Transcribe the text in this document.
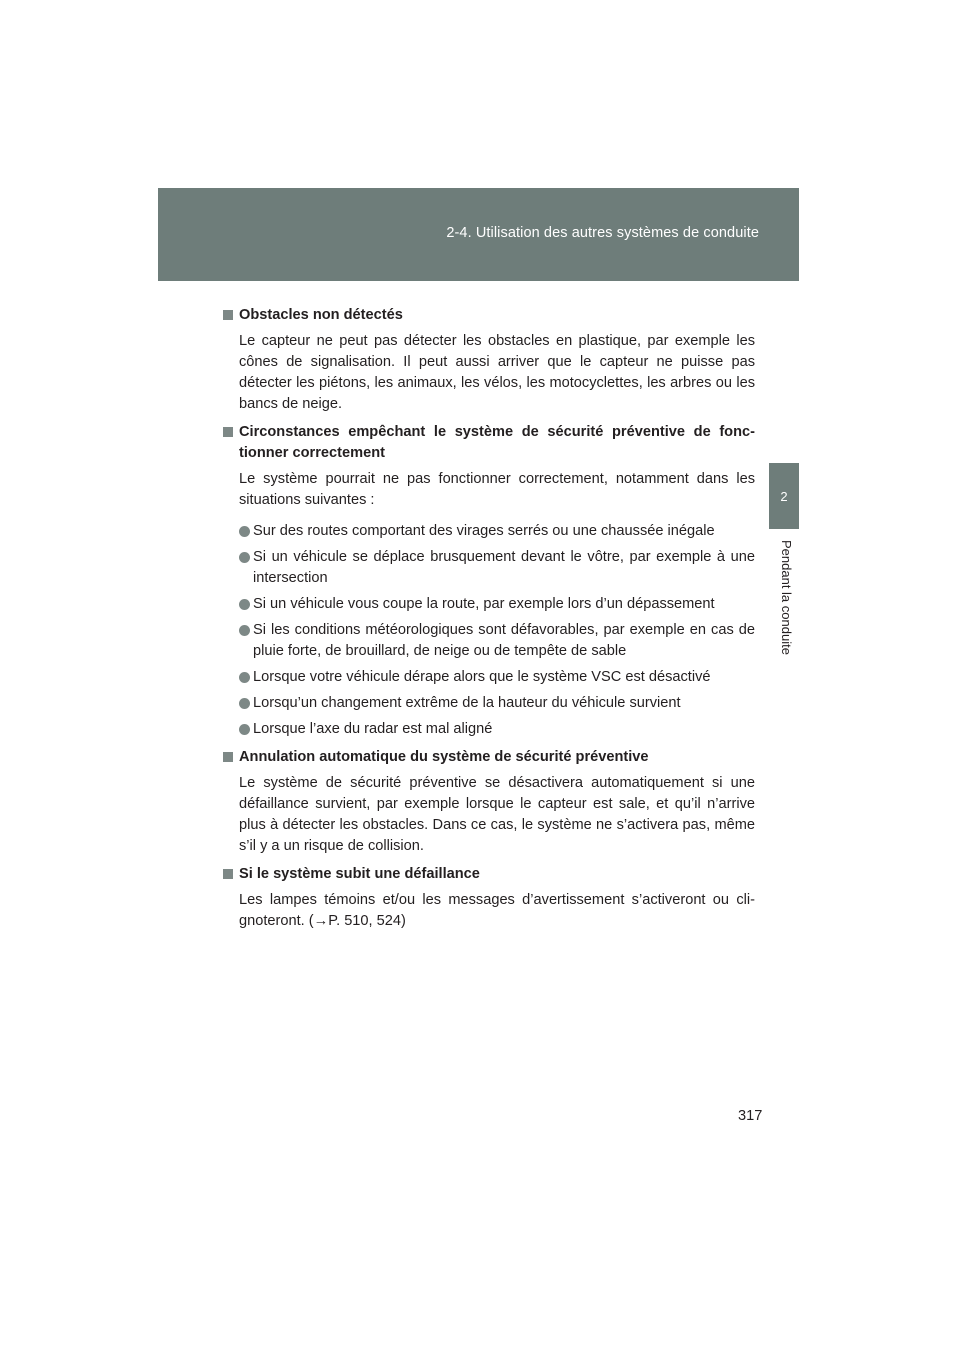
2-4. Utilisation des autres systèmes de conduite
2
Pendant la conduite
Obstacles non détectés
Le capteur ne peut pas détecter les obstacles en plastique, par exemple les cônes de signalisation. Il peut aussi arriver que le capteur ne puisse pas détecter les piétons, les animaux, les vélos, les motocyclettes, les arbres ou les bancs de neige.
Circonstances empêchant le système de sécurité préventive de fonc-tionner correctement
Le système pourrait ne pas fonctionner correctement, notamment dans les situations suivantes :
Sur des routes comportant des virages serrés ou une chaussée inégale
Si un véhicule se déplace brusquement devant le vôtre, par exemple à une intersection
Si un véhicule vous coupe la route, par exemple lors d’un dépassement
Si les conditions météorologiques sont défavorables, par exemple en cas de pluie forte, de brouillard, de neige ou de tempête de sable
Lorsque votre véhicule dérape alors que le système VSC est désactivé
Lorsqu’un changement extrême de la hauteur du véhicule survient
Lorsque l’axe du radar est mal aligné
Annulation automatique du système de sécurité préventive
Le système de sécurité préventive se désactivera automatiquement si une défaillance survient, par exemple lorsque le capteur est sale, et qu’il n’arrive plus à détecter les obstacles. Dans ce cas, le système ne s’activera pas, même s’il y a un risque de collision.
Si le système subit une défaillance
Les lampes témoins et/ou les messages d’avertissement s’activeront ou cli-gnoteront. (→P. 510, 524)
317
